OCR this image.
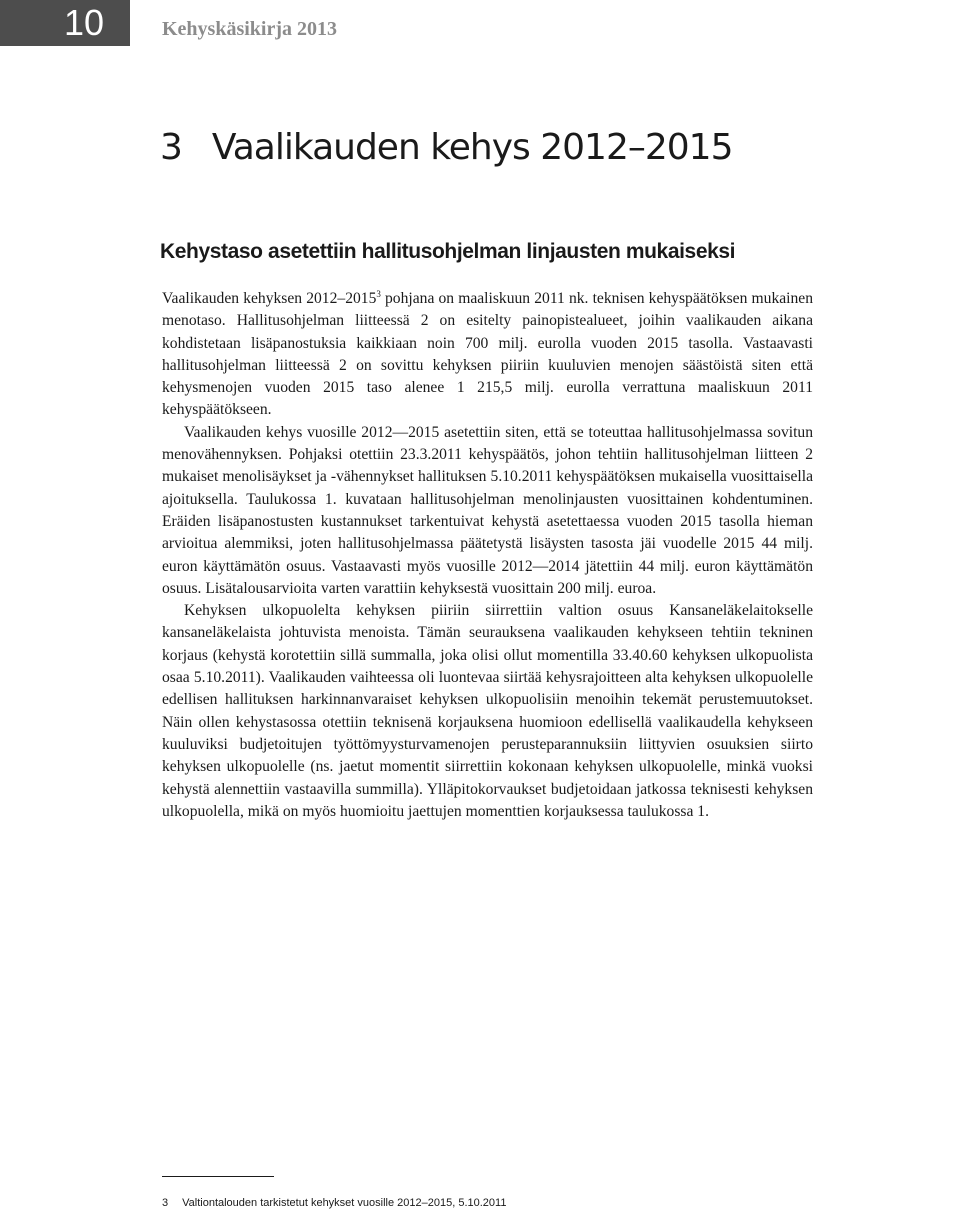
10	Kehyskäsikirja 2013
3 Vaalikauden kehys 2012–2015
Kehystaso asetettiin hallitusohjelman linjausten mukaiseksi

Vaalikauden kehyksen 2012–2015$^3$ pohjana on maaliskuun 2011 nk. teknisen kehyspäätöksen mukainen menotaso. Hallitusohjelman liitteessä 2 on esitelty painopistealueet, joihin vaalikauden aikana kohdistetaan lisäpanostuksia kaikkiaan noin 700 milj. eurolla vuoden 2015 tasolla. Vastaavasti hallitusohjelman liitteessä 2 on sovittu kehyksen piiriin kuuluvien menojen säästöistä siten että kehysmenojen vuoden 2015 taso alenee 1 215,5 milj. eurolla verrattuna maaliskuun 2011 kehyspäätökseen.

Vaalikauden kehys vuosille 2012—2015 asetettiin siten, että se toteuttaa hallitusohjelmassa sovitun menovähennyksen. Pohjaksi otettiin 23.3.2011 kehyspäätös, johon tehtiin hallitusohjelman liitteen 2 mukaiset menolisäykset ja -vähennykset hallituksen 5.10.2011 kehyspäätöksen mukaisella vuosittaisella ajoituksella. Taulukossa 1. kuvataan hallitusohjelman menolinjausten vuosittainen kohdentuminen. Eräiden lisäpanostusten kustannukset tarkentuivat kehystä asetettaessa vuoden 2015 tasolla hieman arvioitua alemmiksi, joten hallitusohjelmassa päätetystä lisäysten tasosta jäi vuodelle 2015 44 milj. euron käyttämätön osuus. Vastaavasti myös vuosille 2012—2014 jätettiin 44 milj. euron käyttämätön osuus. Lisätalousarvioita varten varattiin kehyksestä vuosittain 200 milj. euroa.

Kehyksen ulkopuolelta kehyksen piiriin siirrettiin valtion osuus Kansaneläkelaitokselle kansaneläkelaista johtuvista menoista. Tämän seurauksena vaalikauden kehykseen tehtiin tekninen korjaus (kehystä korotettiin sillä summalla, joka olisi ollut momentilla 33.40.60 kehyksen ulkopuolista osaa 5.10.2011). Vaalikauden vaihteessa oli luontevaa siirtää kehysrajoitteen alta kehyksen ulkopuolelle edellisen hallituksen harkinnanvaraiset kehyksen ulkopuolisiin menoihin tekemät perustemuutokset. Näin ollen kehystasossa otettiin teknisenä korjauksena huomioon edellisellä vaalikaudella kehykseen kuuluviksi budjetoitujen työttömyysturvamenojen perusteparannuksiin liittyvien osuuksien siirto kehyksen ulkopuolelle (ns. jaetut momentit siirrettiin kokonaan kehyksen ulkopuolelle, minkä vuoksi kehystä alennettiin vastaavilla summilla). Ylläpitokorvaukset budjetoidaan jatkossa teknisesti kehyksen ulkopuolella, mikä on myös huomioitu jaettujen momenttien korjauksessa taulukossa 1.

3 Valtiontalouden tarkistetut kehykset vuosille 2012–2015, 5.10.2011
